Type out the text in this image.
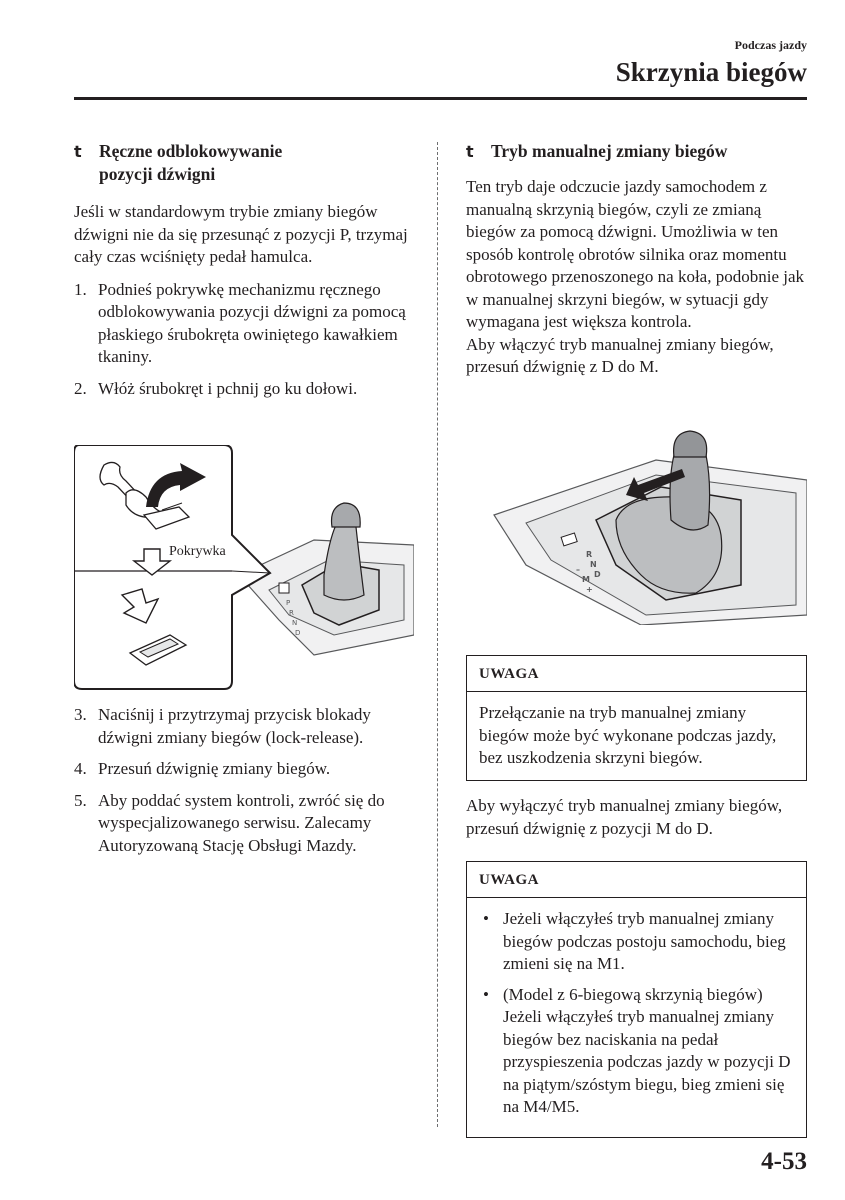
Podczas jazdy
Skrzynia biegów
t Ręczne odblokowywanie
pozycji dźwigni

Jeśli w standardowym trybie zmiany biegów dźwigni nie da się przesunąć z pozycji P, trzymaj cały czas wciśnięty pedał hamulca.

1. Podnieś pokrywkę mechanizmu ręcznego odblokowywania pozycji dźwigni za pomocą płaskiego śrubokręta owiniętego kawałkiem tkaniny.
2. Włóż śrubokręt i pchnij go ku dołowi.
P
R
N
D
Pokrywka
3. Naciśnij i przytrzymaj przycisk blokady dźwigni zmiany biegów (lock-release).
4. Przesuń dźwignię zmiany biegów.
5. Aby poddać system kontroli, zwróć się do wyspecjalizowanego serwisu. Zalecamy Autoryzowaną Stację Obsługi Mazdy.
t Tryb manualnej zmiany biegów

Ten tryb daje odczucie jazdy samochodem z manualną skrzynią biegów, czyli ze zmianą biegów za pomocą dźwigni. Umożliwia w ten sposób kontrolę obrotów silnika oraz momentu obrotowego przenoszonego na koła, podobnie jak w manualnej skrzyni biegów, w sytuacji gdy wymagana jest większa kontrola.

Aby włączyć tryb manualnej zmiany biegów, przesuń dźwignię z D do M.

R
N
D
–
M
+
UWAGA
Przełączanie na tryb manualnej zmiany biegów może być wykonane podczas jazdy, bez uszkodzenia skrzyni biegów.

Aby wyłączyć tryb manualnej zmiany biegów, przesuń dźwignię z pozycji M do D.

UWAGA
• Jeżeli włączyłeś tryb manualnej zmiany biegów podczas postoju samochodu, bieg zmieni się na M1.
• (Model z 6-biegową skrzynią biegów) Jeżeli włączyłeś tryb manualnej zmiany biegów bez naciskania na pedał przyspieszenia podczas jazdy w pozycji D na piątym/szóstym biegu, bieg zmieni się na M4/M5.
4-53
